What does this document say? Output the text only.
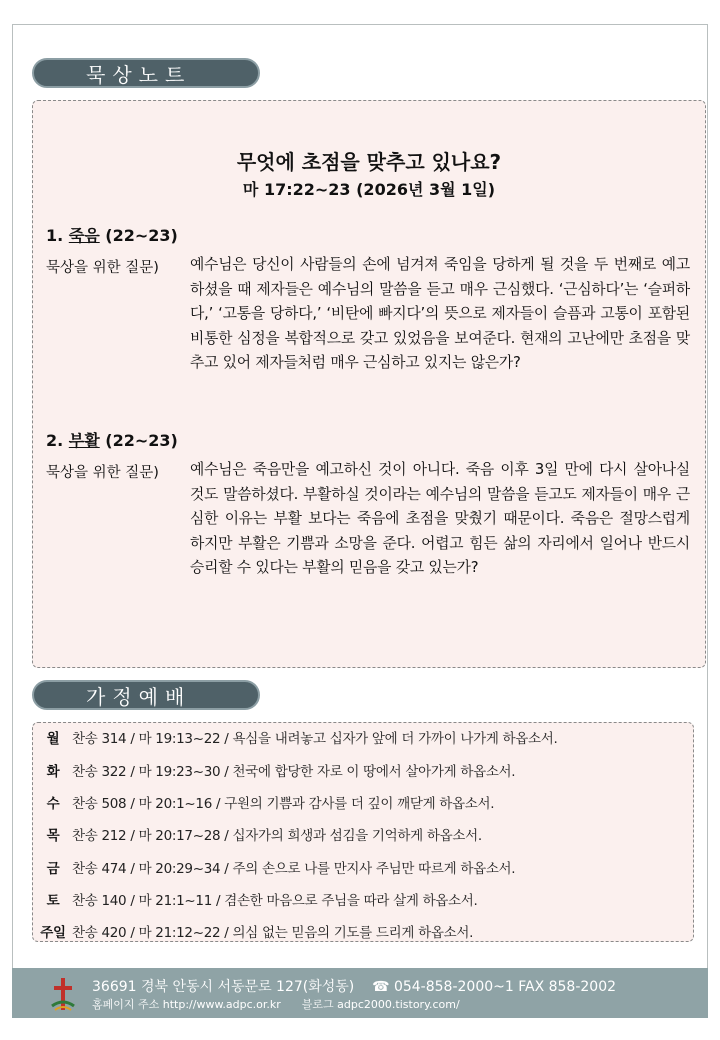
묵상노트
무엇에 초점을 맞추고 있나요?
마 17:22~23 (2026년 3월 1일)
1. 죽음 (22~23)
묵상을 위한 질문) 예수님은 당신이 사람들의 손에 넘겨져 죽임을 당하게 될 것을 두 번째로 예고하셨을 때 제자들은 예수님의 말씀을 듣고 매우 근심했다. ‘근심하다’는 ‘슬퍼하다,’ ‘고통을 당하다,’ ‘비탄에 빠지다’의 뜻으로 제자들이 슬픔과 고통이 포함된 비통한 심정을 복합적으로 갖고 있었음을 보여준다. 현재의 고난에만 초점을 맞추고 있어 제자들처럼 매우 근심하고 있지는 않은가?
2. 부활 (22~23)
묵상을 위한 질문) 예수님은 죽음만을 예고하신 것이 아니다. 죽음 이후 3일 만에 다시 살아나실 것도 말씀하셨다. 부활하실 것이라는 예수님의 말씀을 듣고도 제자들이 매우 근심한 이유는 부활 보다는 죽음에 초점을 맞췄기 때문이다. 죽음은 절망스럽게 하지만 부활은 기쁨과 소망을 준다. 어렵고 힘든 삶의 자리에서 일어나 반드시 승리할 수 있다는 부활의 믿음을 갖고 있는가?
가정예배
월 찬송 314 / 마 19:13~22 / 욕심을 내려놓고 십자가 앞에 더 가까이 나가게 하옵소서.
화 찬송 322 / 마 19:23~30 / 천국에 합당한 자로 이 땅에서 살아가게 하옵소서.
수 찬송 508 / 마 20:1~16 / 구원의 기쁨과 감사를 더 깊이 깨닫게 하옵소서.
목 찬송 212 / 마 20:17~28 / 십자가의 희생과 섬김을 기억하게 하옵소서.
금 찬송 474 / 마 20:29~34 / 주의 손으로 나를 만지사 주님만 따르게 하옵소서.
토 찬송 140 / 마 21:1~11 / 겸손한 마음으로 주님을 따라 살게 하옵소서.
주일 찬송 420 / 마 21:12~22 / 의심 없는 믿음의 기도를 드리게 하옵소서.
36691 경북 안동시 서동문로 127(화성동)    ☎ 054-858-2000~1 FAX 858-2002
홈페이지 주소 http://www.adpc.or.kr      블로그 adpc2000.tistory.com/
